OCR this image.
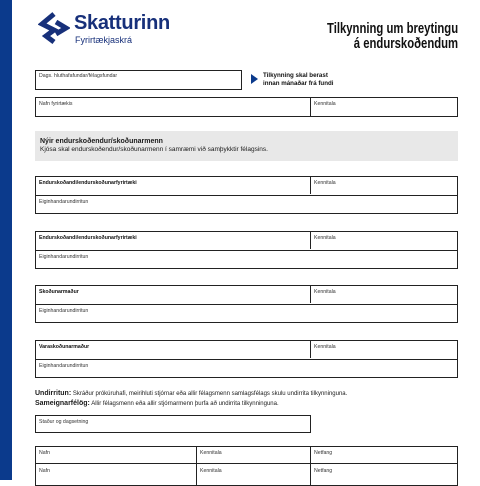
Skatturinn
Fyrirtækjaskrá
Tilkynning um breytingu
á endurskoðendum
Dags. hluthafafundar/félagsfundar	Tilkynning skal berast
innan mánaðar frá fundi
Nafn fyrirtækis	Kennitala
Nýir endurskoðendur/skoðunarmenn
Kjósa skal endurskoðendur/skoðunarmenn í samræmi við samþykktir félagsins.
Endurskoðandi/endurskoðunarfyrirtæki	Kennitala
Eiginhandarundirritun
Endurskoðandi/endurskoðunarfyrirtæki	Kennitala
Eiginhandarundirritun
Skoðunarmaður	Kennitala
Eiginhandarundirritun
Varaskoðunarmaður	Kennitala
Eiginhandarundirritun
Undirritun: Skráður prókúruhafi, meirihluti stjórnar eða allir félagsmenn samlagsfélags skulu undirrita tilkynninguna.
Sameignarfélög: Allir félagsmenn eða allir stjórnarmenn þurfa að undirrita tilkynninguna.
Staður og dagsetning
Nafn	Kennitala	Netfang
Nafn	Kennitala	Netfang
